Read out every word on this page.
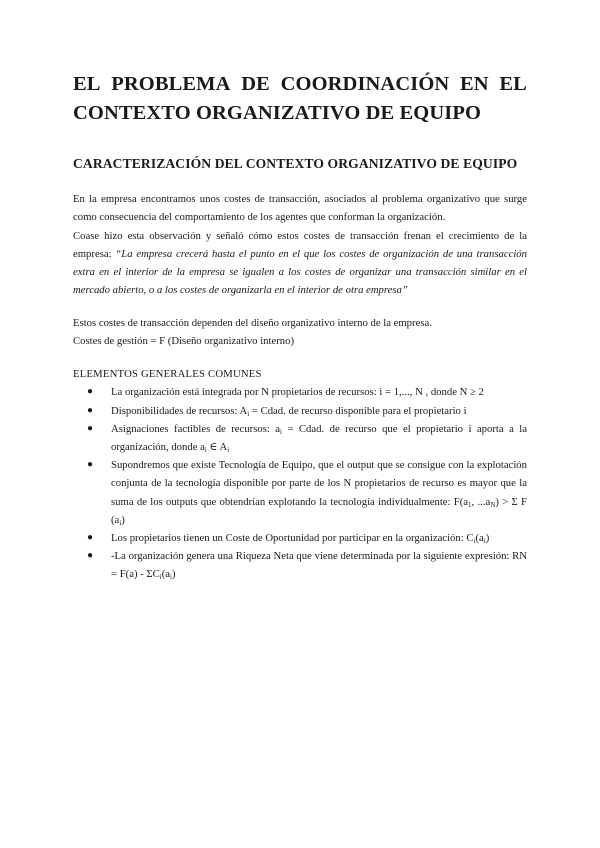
EL PROBLEMA DE COORDINACIÓN EN EL
CONTEXTO ORGANIZATIVO DE EQUIPO
CARACTERIZACIÓN DEL CONTEXTO ORGANIZATIVO DE EQUIPO

En la empresa encontramos unos costes de transacción, asociados al problema organizativo que surge como consecuencia del comportamiento de los agentes que conforman la organización.

Coase hizo esta observación y señaló cómo estos costes de transacción frenan el crecimiento de la empresa: “La empresa crecerá hasta el punto en el que los costes de organización de una transacción extra en el interior de la empresa se igualen a los costes de organizar una transacción similar en el mercado abierto, o a los costes de organizarla en el interior de otra empresa”

Estos costes de transacción dependen del diseño organizativo interno de la empresa.

Costes de gestión = F (Diseño organizativo interno)

ELEMENTOS GENERALES COMUNES
● La organización está integrada por N propietarios de recursos: i = 1,..., N , donde N ≥ 2
● Disponibilidades de recursos: $A_i$ = Cdad. de recurso disponible para el propietario i
● Asignaciones factibles de recursos: $a_i$ = Cdad. de recurso que el propietario i aporta a la organización, donde $a_i$ ∈ $A_i$
● Supondremos que existe Tecnología de Equipo, que el output que se consigue con la explotación conjunta de la tecnología disponible por parte de los N propietarios de recurso es mayor que la suma de los outputs que obtendrían explotando la tecnología individualmente: $F(a_1$, $...a_N) > \Sigma$ F $(a_i)$
● Los propietarios tienen un Coste de Oportunidad por participar en la organización: $C_i(a_i)$
● -La organización genera una Riqueza Neta que viene determinada por la siguiente expresión: RN = $F(a) - \Sigma C_i(a_i)$
